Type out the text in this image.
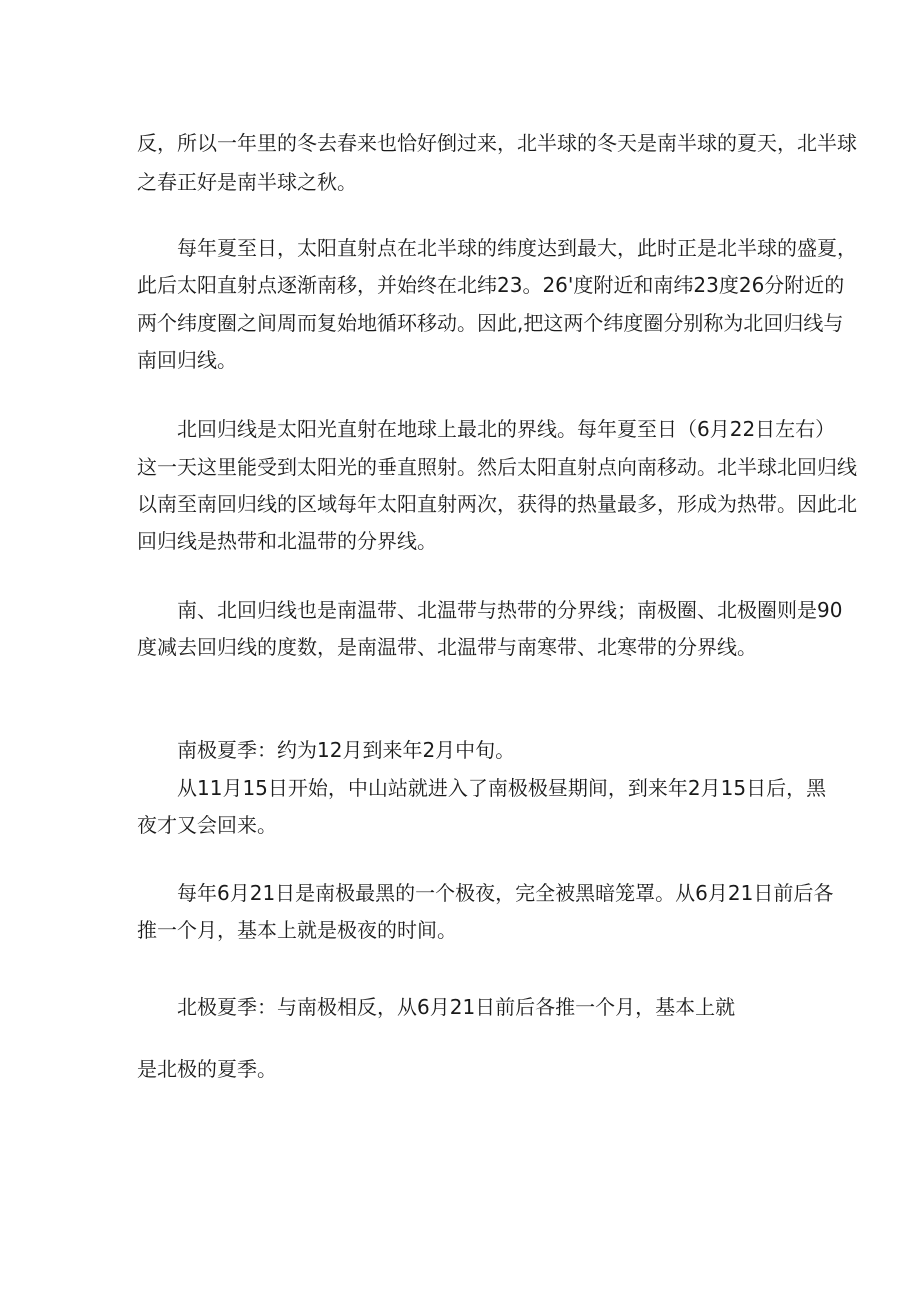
反，所以一年里的冬去春来也恰好倒过来，北半球的冬天是南半球的夏天，北半球
之春正好是南半球之秋。
每年夏至日，太阳直射点在北半球的纬度达到最大，此时正是北半球的盛夏，
此后太阳直射点逐渐南移，并始终在北纬23。26'度附近和南纬23度26分附近的
两个纬度圈之间周而复始地循环移动。因此,把这两个纬度圈分别称为北回归线与
南回归线。
北回归线是太阳光直射在地球上最北的界线。每年夏至日（6月22日左右）
这一天这里能受到太阳光的垂直照射。然后太阳直射点向南移动。北半球北回归线
以南至南回归线的区域每年太阳直射两次，获得的热量最多，形成为热带。因此北
回归线是热带和北温带的分界线。
南、北回归线也是南温带、北温带与热带的分界线；南极圈、北极圈则是90
度减去回归线的度数，是南温带、北温带与南寒带、北寒带的分界线。
南极夏季：约为12月到来年2月中旬。
从11月15日开始，中山站就进入了南极极昼期间，到来年2月15日后，黑
夜才又会回来。
每年6月21日是南极最黑的一个极夜，完全被黑暗笼罩。从6月21日前后各
推一个月，基本上就是极夜的时间。
北极夏季：与南极相反，从6月21日前后各推一个月，基本上就
是北极的夏季。
